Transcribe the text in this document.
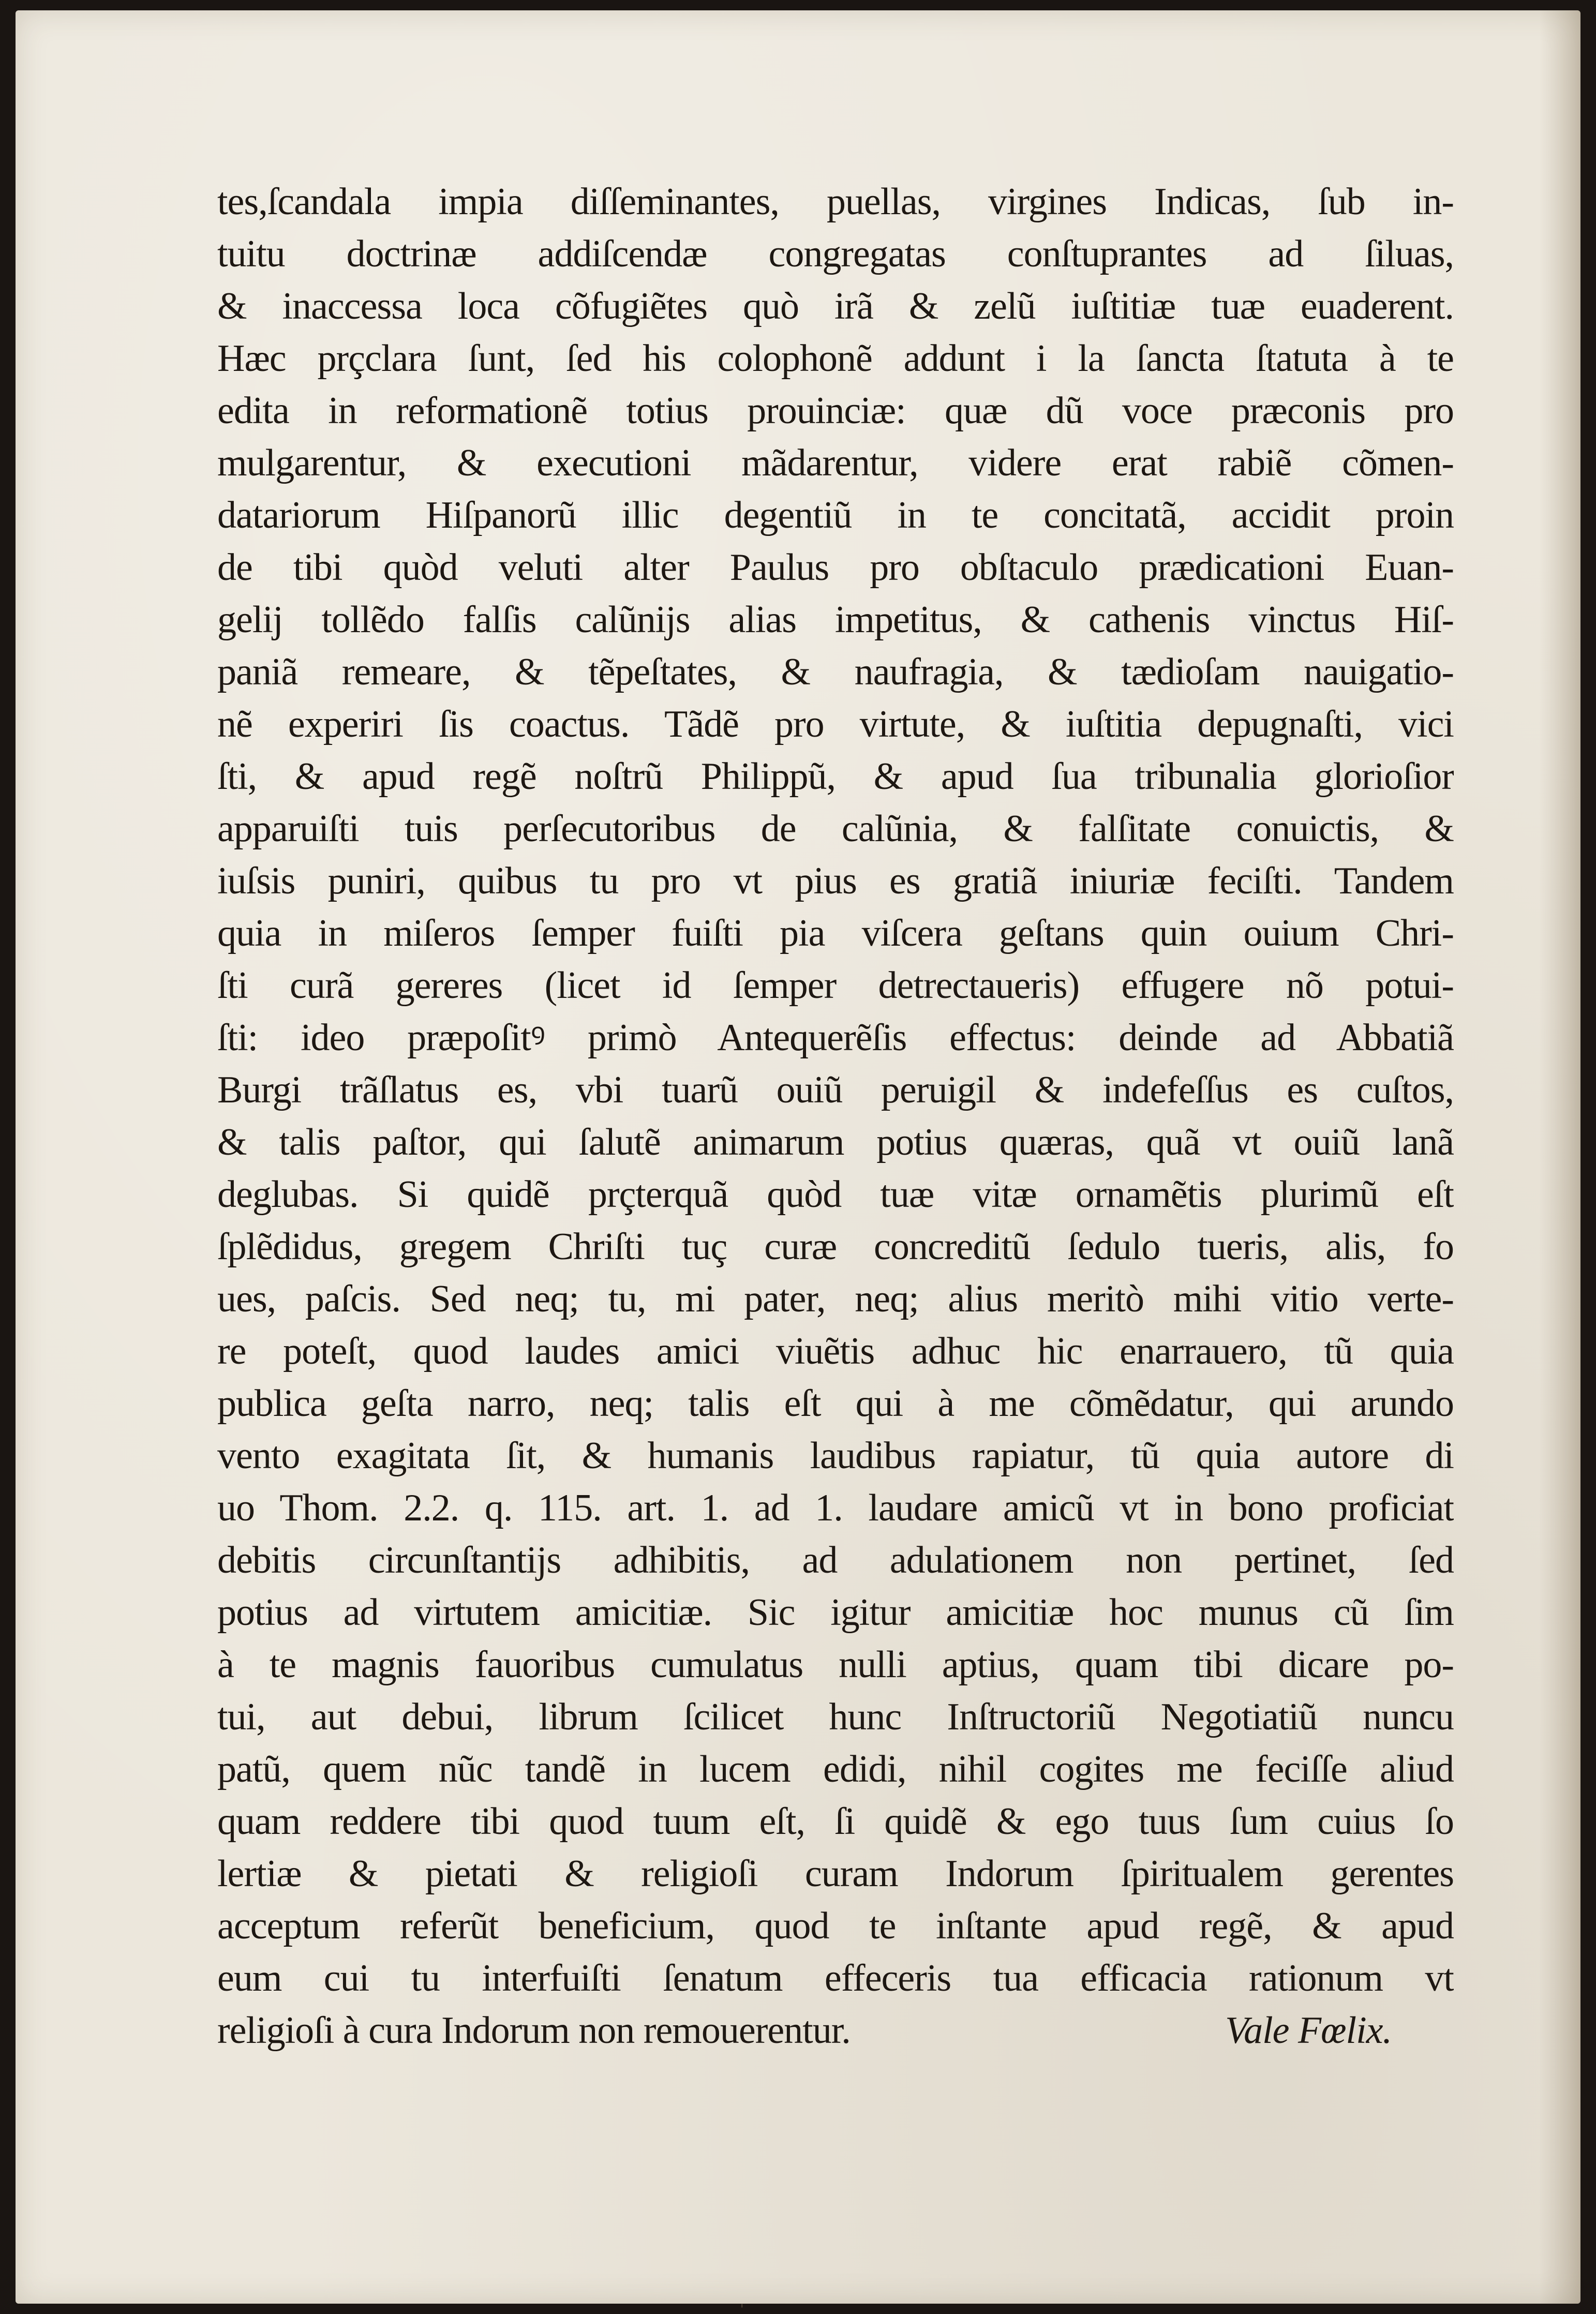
tes,ſcandala impia diſſeminantes, puellas, virgines Indicas, ſub in-
tuitu doctrinæ addiſcendæ congregatas conſtuprantes ad ſiluas,
& inaccessa loca cõfugiẽtes quò irã & zelũ iuſtitiæ tuæ euaderent.
Hæc prçclara ſunt, ſed his colophonẽ addunt i la ſancta ſtatuta à te
edita in reformationẽ totius prouinciæ: quæ dũ voce præconis pro
mulgarentur, & executioni mãdarentur, videre erat rabiẽ cõmen-
datariorum Hiſpanorũ illic degentiũ in te concitatã, accidit proin
de tibi quòd veluti alter Paulus pro obſtaculo prædicationi Euan-
gelij tollẽdo falſis calũnijs alias impetitus, & cathenis vinctus Hiſ-
paniã remeare, & tẽpeſtates, & naufragia, & tædioſam nauigatio-
nẽ experiri ſis coactus. Tãdẽ pro virtute, & iuſtitia depugnaſti, vici
ſti, & apud regẽ noſtrũ Philippũ, & apud ſua tribunalia glorioſior
apparuiſti tuis perſecutoribus de calũnia, & falſitate conuictis, &
iuſsis puniri, quibus tu pro vt pius es gratiã iniuriæ feciſti. Tandem
quia in miſeros ſemper fuiſti pia viſcera geſtans quin ouium Chri-
ſti curã gereres (licet id ſemper detrectaueris) effugere nõ potui-
ſti: ideo præpoſitꝰ primò Antequerẽſis effectus: deinde ad Abbatiã
Burgi trãſlatus es, vbi tuarũ ouiũ peruigil & indefeſſus es cuſtos,
& talis paſtor, qui ſalutẽ animarum potius quæras, quã vt ouiũ lanã
deglubas. Si quidẽ prçterquã quòd tuæ vitæ ornamẽtis plurimũ eſt
ſplẽdidus, gregem Chriſti tuç curæ concreditũ ſedulo tueris, alis, fo
ues, paſcis. Sed neq; tu, mi pater, neq; alius meritò mihi vitio verte-
re poteſt, quod laudes amici viuẽtis adhuc hic enarrauero, tũ quia
publica geſta narro, neq; talis eſt qui à me cõmẽdatur, qui arundo
vento exagitata ſit, & humanis laudibus rapiatur, tũ quia autore di
uo Thom. 2.2. q. 115. art. 1. ad 1. laudare amicũ vt in bono proficiat
debitis circunſtantijs adhibitis, ad adulationem non pertinet, ſed
potius ad virtutem amicitiæ. Sic igitur amicitiæ hoc munus cũ ſim
à te magnis fauoribus cumulatus nulli aptius, quam tibi dicare po-
tui, aut debui, librum ſcilicet hunc Inſtructoriũ Negotiatiũ nuncu
patũ, quem nũc tandẽ in lucem edidi, nihil cogites me feciſſe aliud
quam reddere tibi quod tuum eſt, ſi quidẽ & ego tuus ſum cuius ſo
lertiæ & pietati & religioſi curam Indorum ſpiritualem gerentes
acceptum referũt beneficium, quod te inſtante apud regẽ, & apud
eum cui tu interfuiſti ſenatum effeceris tua efficacia rationum vt
religioſi à cura Indorum non remouerentur.	Vale Fœlix.
ˌ
